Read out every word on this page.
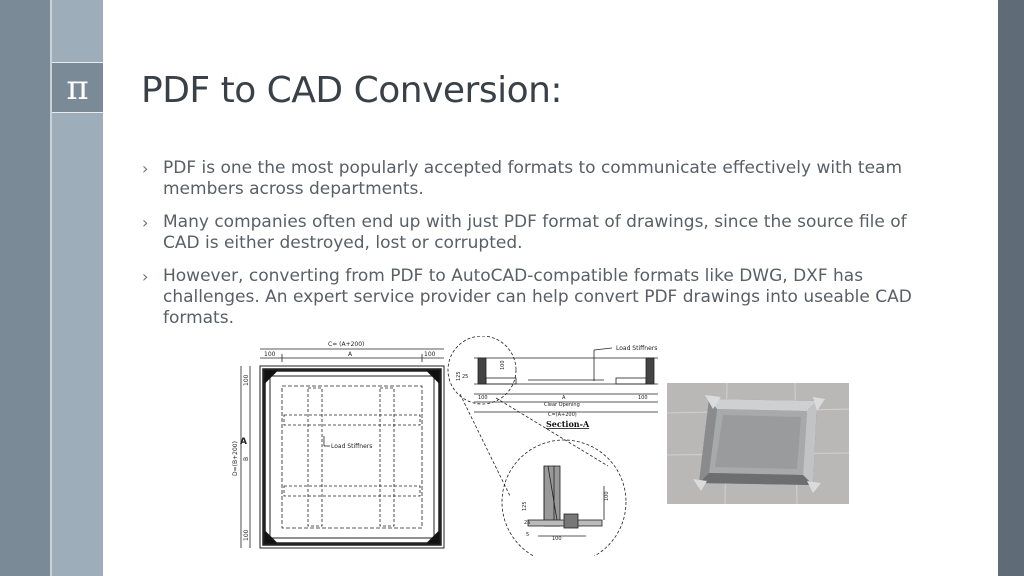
π PDF to CAD Conversion:
› PDF is one the most popularly accepted formats to communicate effectively with team members across departments.
› Many companies often end up with just PDF format of drawings, since the source file of CAD is either destroyed, lost or corrupted.
› However, converting from PDF to AutoCAD-compatible formats like DWG, DXF has challenges. An expert service provider can help convert PDF drawings into useable CAD formats.
C= (A+200)
100	A	100
D=(B+200)
100
B
100
A	Load Stiffners
Load Stiffners
125 25
100
100	A
Clear Opening
100
C=(A+200)
Section-A
125
25
100
100
5
